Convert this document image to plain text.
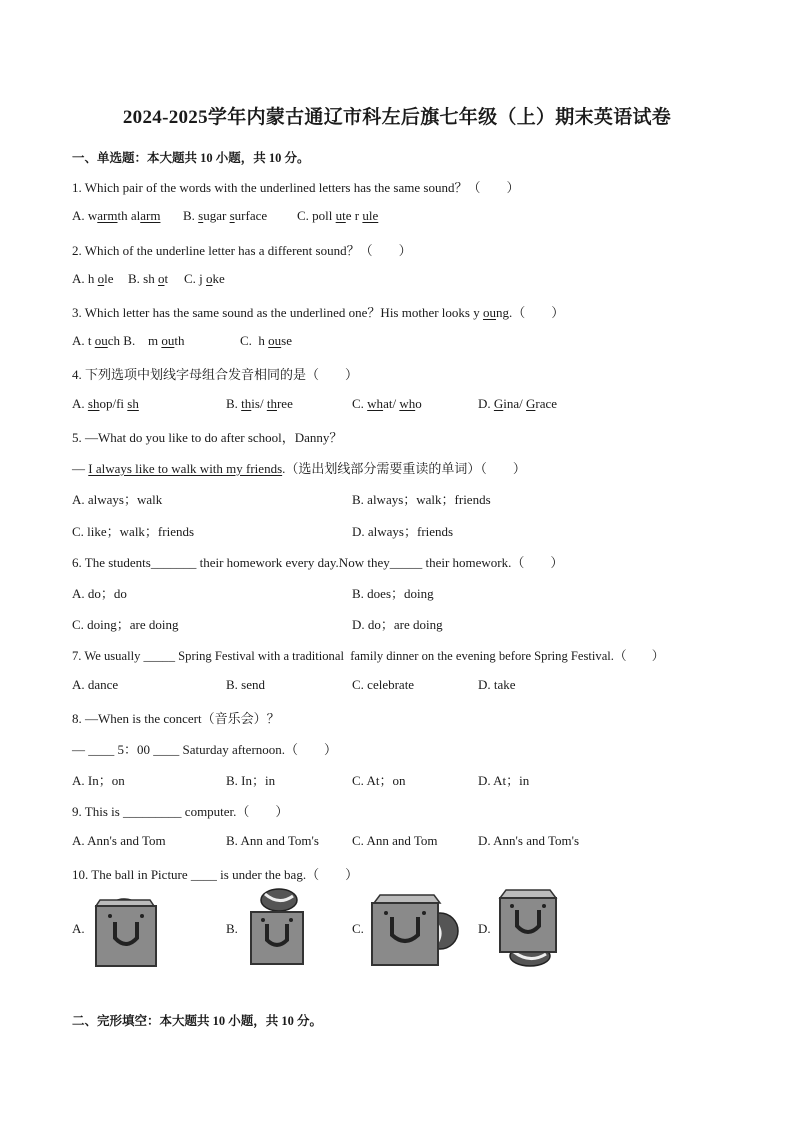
2024-2025学年内蒙古通辽市科左后旗七年级（上）期末英语试卷
一、单选题：本大题共 10 小题，共 10 分。
1. Which pair of the words with the underlined letters has the same sound？（　　）
A. warmth alarm B. sugar surface C. poll ute r ule
2. Which of the underline letter has a different sound？（　　）
A. h ole B. sh ot C. j oke
3. Which letter has the same sound as the underlined one？His mother looks y oung.（　　）
A. t ouch B. m outh	C.  h ouse
4. 下列选项中划线字母组合发音相同的是（　　）
A. shop/fi sh	B. this/ three	C. what/ who	D. Gina/ Grace
5. —What do you like to do after school，Danny？
— I always like to walk with my friends.（选出划线部分需要重读的单词）（　　）
A. always；walk	B. always；walk；friends
C. like；walk；friends	D. always；friends
6. The students_______ their homework every day.Now they_____ their homework.（　　）
A. do；do	B. does；doing
C. doing；are doing	D. do；are doing
7. We usually _____ Spring Festival with a traditional  family dinner on the evening before Spring Festival.（　　）
A. dance	B. send	C. celebrate	D. take
8. —When is the concert（音乐会）？
— ____ 5：00 ____ Saturday afternoon.（　　）
A. In；on	B. In；in	C. At；on	D. At；in
9. This is _________ computer.（　　）
A. Ann's and Tom	B. Ann and Tom's	C. Ann and Tom	D. Ann's and Tom's
10. The ball in Picture ____ is under the bag.（　　）
A.	B.	C.	D.
二、完形填空：本大题共 10 小题，共 10 分。
